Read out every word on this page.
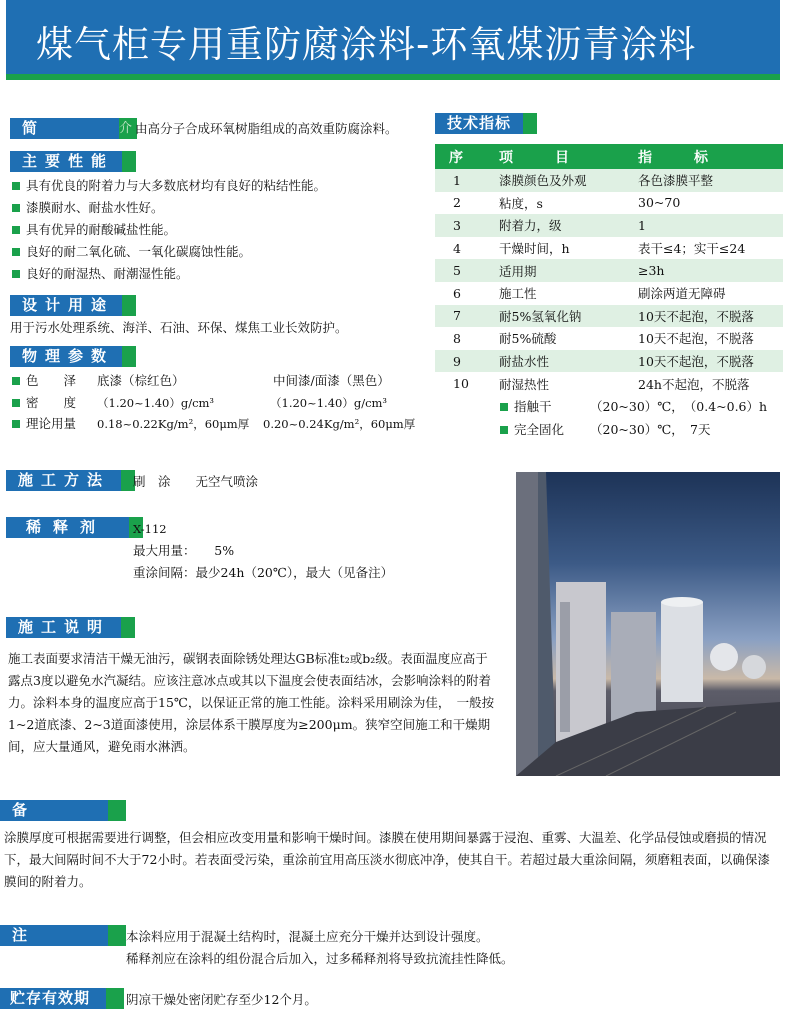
煤气柜专用重防腐涂料-环氧煤沥青涂料
简	介 由高分子合成环氧树脂组成的高效重防腐涂料。
主要性能
具有优良的附着力与大多数底材均有良好的粘结性能。
漆膜耐水、耐盐水性好。
具有优异的耐酸碱盐性能。
良好的耐二氧化硫、一氧化碳腐蚀性能。
良好的耐湿热、耐潮湿性能。
设计用途
用于污水处理系统、海洋、石油、环保、煤焦工业长效防护。
物理参数
色　　泽 底漆（棕红色）	中间漆/面漆（黑色）
密　　度 （1.20~1.40）g/cm³	（1.20~1.40）g/cm³
理论用量 0.18~0.22Kg/m²，60μm厚 0.20~0.24Kg/m²，60μm厚
技术指标
序	项　　　目	指　　　标
1	漆膜颜色及外观	各色漆膜平整
2	粘度，s	30~70
3	附着力，级	1
4	干燥时间，h	表干≤4；实干≤24
5	适用期	≥3h
6	施工性	刷涂两道无障碍
7	耐5%氢氧化钠	10天不起泡，不脱落
8	耐5%硫酸	10天不起泡，不脱落
9	耐盐水性	10天不起泡，不脱落
10	耐湿热性	24h不起泡，不脱落
指触干	（20~30）℃，　（0.4~0.6）h
完全固化 （20~30）℃，　7天
施工方法	刷　涂　　无空气喷涂
稀释剂	X-112
最大用量：　　5%
重涂间隔：最少24h（20℃），最大（见备注）
施工说明
施工表面要求清洁干燥无油污，碳钢表面除锈处理达GB标准t₂或b₂级。表面温度应高于露点3度以避免水汽凝结。应该注意冰点或其以下温度会使表面结冰，会影响涂料的附着力。涂料本身的温度应高于15℃，以保证正常的施工性能。涂料采用刷涂为佳，　一般按1~2道底漆、2~3道面漆使用，涂层体系干膜厚度为≥200μm。狭窄空间施工和干燥期间，应大量通风，避免雨水淋洒。
备
涂膜厚度可根据需要进行调整，但会相应改变用量和影响干燥时间。漆膜在使用期间暴露于浸泡、重雾、大温差、化学品侵蚀或磨损的情况下，最大间隔时间不大于72小时。若表面受污染，重涂前宜用高压淡水彻底冲净，使其自干。若超过最大重涂间隔，须磨粗表面，以确保漆膜间的附着力。
注	本涂料应用于混凝土结构时，混凝土应充分干燥并达到设计强度。
稀释剂应在涂料的组份混合后加入，过多稀释剂将导致抗流挂性降低。
贮存有效期	阴凉干燥处密闭贮存至少12个月。
